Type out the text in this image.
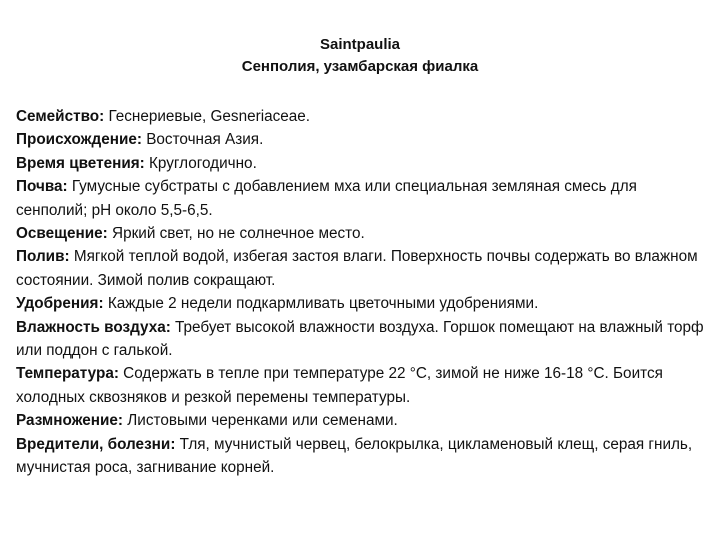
Saintpaulia
Сенполия, узамбарская фиалка

Семейство: Геснериевые, Gesneriaceae.

Происхождение: Восточная Азия.

Время цветения: Круглогодично.

Почва: Гумусные субстраты с добавлением мха или специальная земляная смесь для сенполий; pH около 5,5-6,5.

Освещение: Яркий свет, но не солнечное место.

Полив: Мягкой теплой водой, избегая застоя влаги. Поверхность почвы содержать во влажном состоянии. Зимой полив сокращают.

Удобрения: Каждые 2 недели подкармливать цветочными удобрениями.

Влажность воздуха: Требует высокой влажности воздуха. Горшок помещают на влажный торф или поддон с галькой.

Температура: Содержать в тепле при температуре 22 °С, зимой не ниже 16-18 °С. Боится холодных сквозняков и резкой перемены температуры.

Размножение: Листовыми черенками или семенами.

Вредители, болезни: Тля, мучнистый червец, белокрылка, цикламеновый клещ, серая гниль, мучнистая роса, загнивание корней.
